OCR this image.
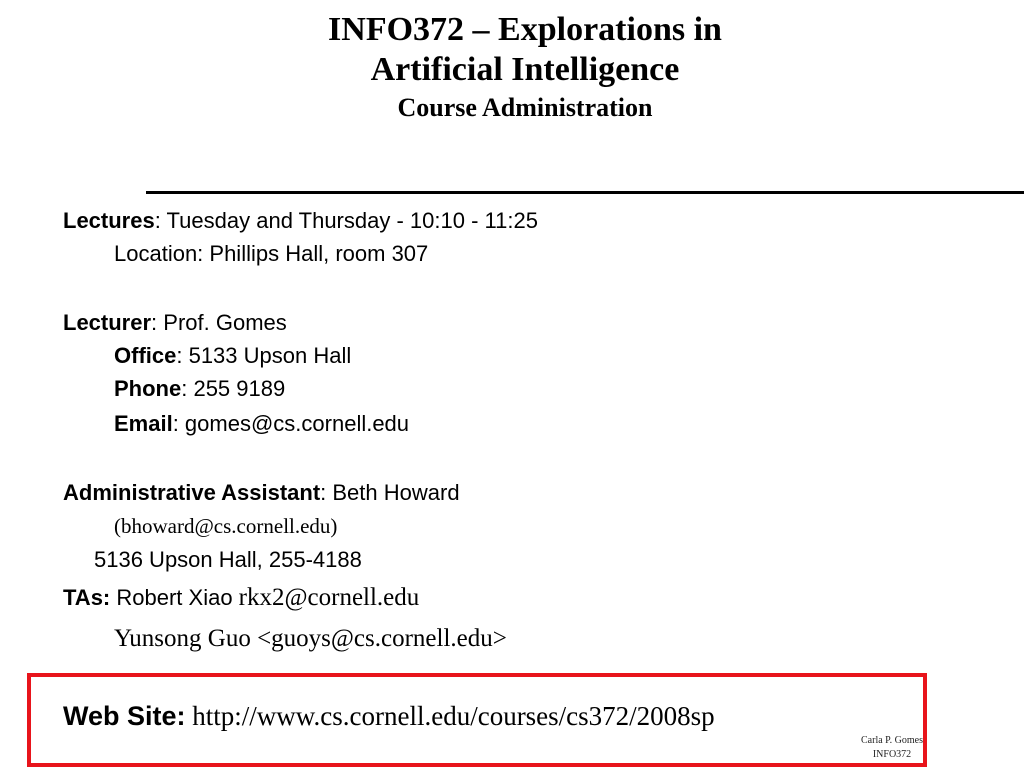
INFO372 – Explorations in
Artificial Intelligence
Course Administration
Lectures: Tuesday and Thursday - 10:10 - 11:25
Location: Phillips Hall, room 307
Lecturer: Prof. Gomes
Office: 5133 Upson Hall
Phone: 255 9189
Email: gomes@cs.cornell.edu
Administrative Assistant: Beth Howard
(bhoward@cs.cornell.edu)
5136 Upson Hall, 255-4188
TAs: Robert Xiao rkx2@cornell.edu
Yunsong Guo <guoys@cs.cornell.edu>
Web Site: http://www.cs.cornell.edu/courses/cs372/2008sp
Carla P. Gomes
INFO372
